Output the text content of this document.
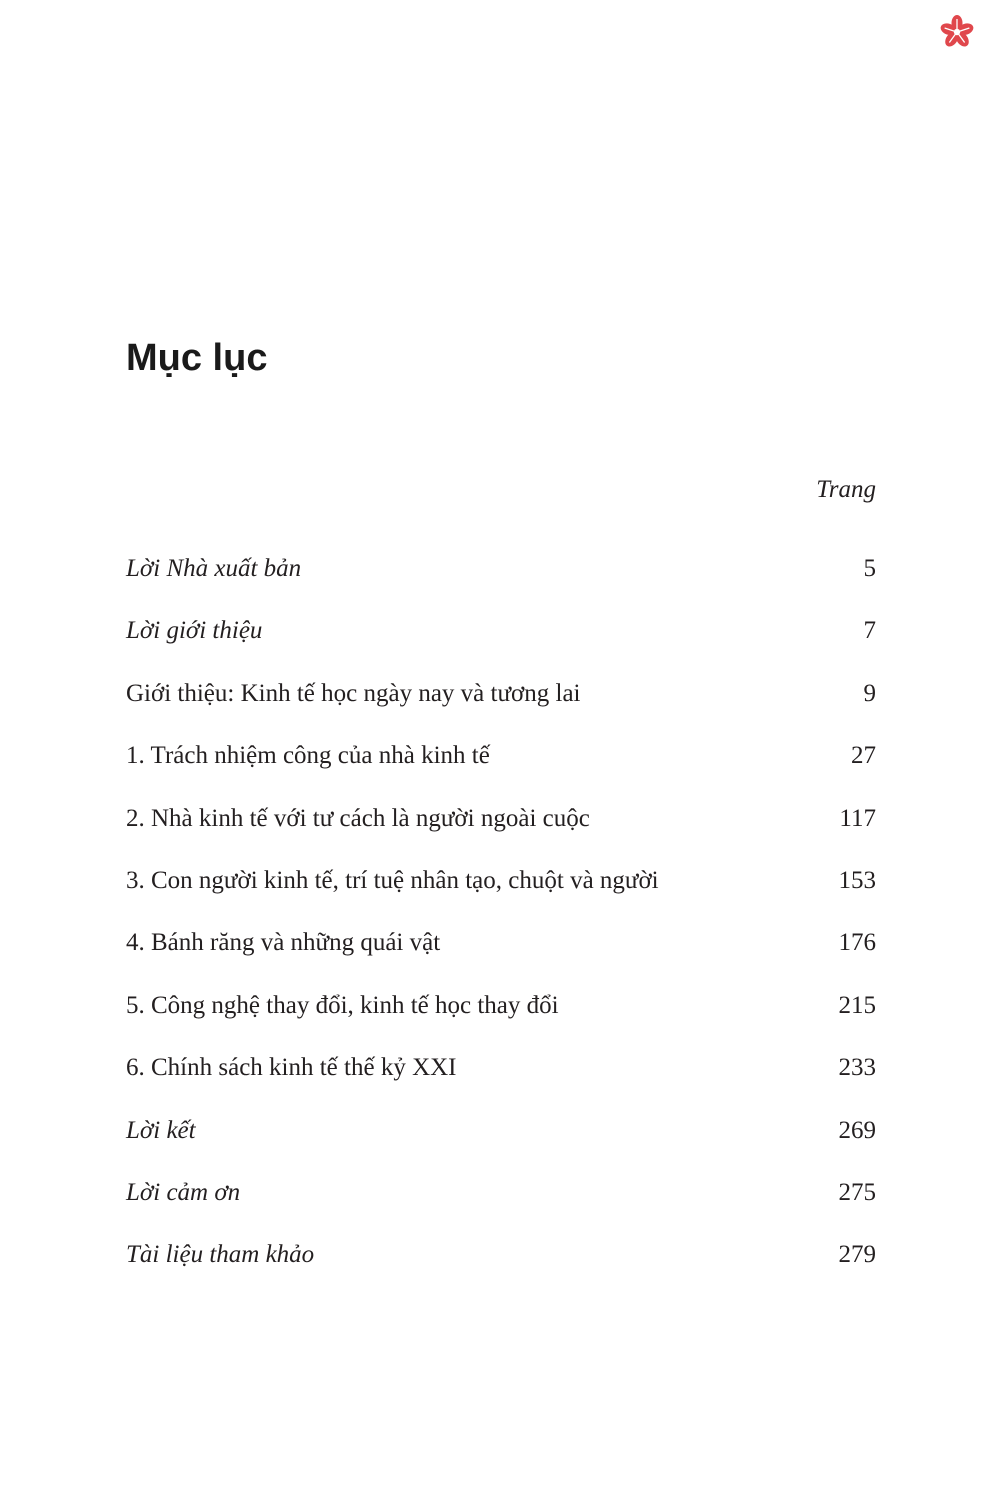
Mục lục
Trang
Lời Nhà xuất bản	5
Lời giới thiệu	7
Giới thiệu: Kinh tế học ngày nay và tương lai	9
1. Trách nhiệm công của nhà kinh tế	27
2. Nhà kinh tế với tư cách là người ngoài cuộc	117
3. Con người kinh tế, trí tuệ nhân tạo, chuột và người	153
4. Bánh răng và những quái vật	176
5. Công nghệ thay đổi, kinh tế học thay đổi	215
6. Chính sách kinh tế thế kỷ XXI	233
Lời kết	269
Lời cảm ơn	275
Tài liệu tham khảo	279
